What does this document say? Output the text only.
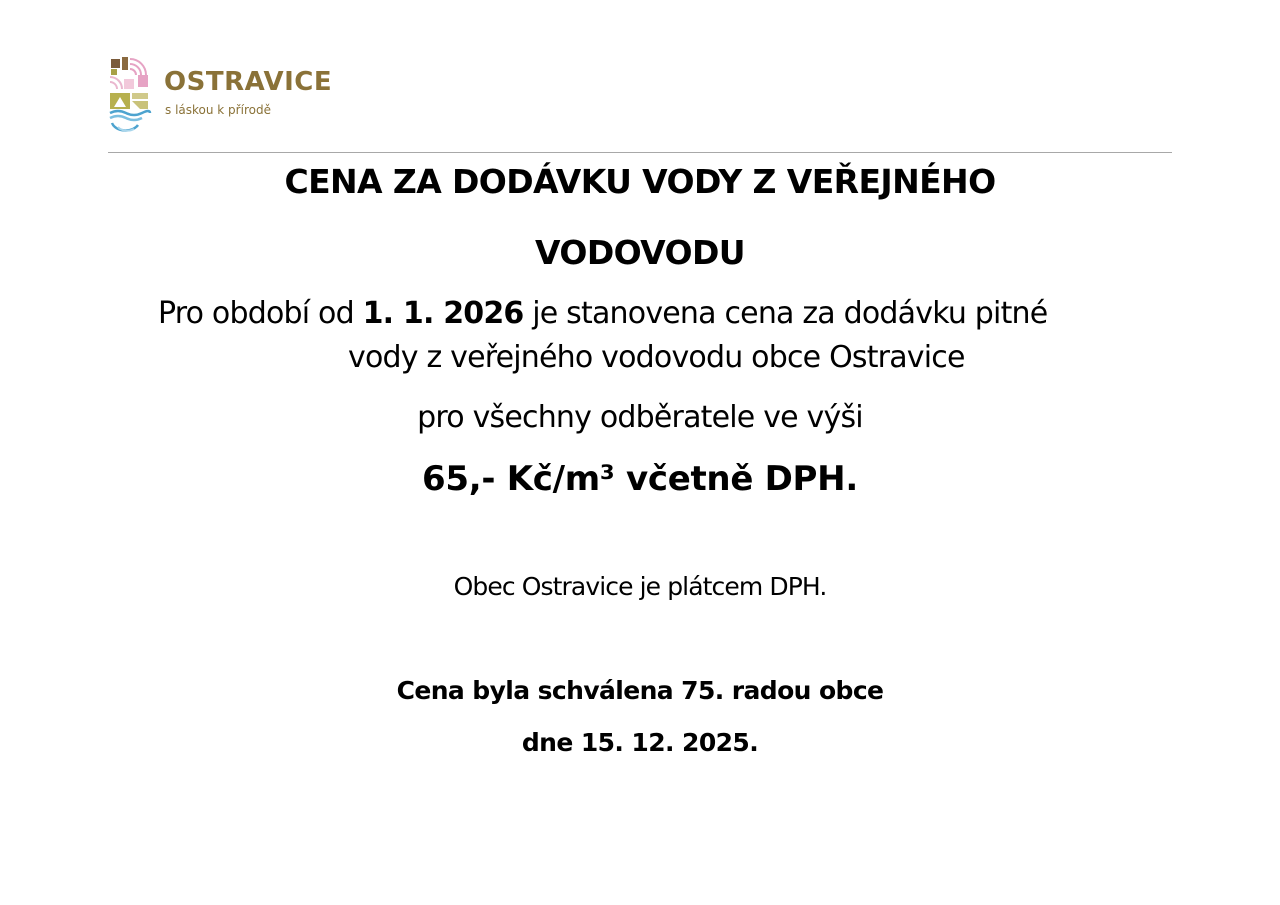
OSTRAVICE
s láskou k přírodě
CENA ZA DODÁVKU VODY Z VEŘEJNÉHO
VODOVODU
Pro období od 1. 1. 2026 je stanovena cena za dodávku pitné
vody z veřejného vodovodu obce Ostravice
pro všechny odběratele ve výši
65,- Kč/m³ včetně DPH.
Obec Ostravice je plátcem DPH.
Cena byla schválena 75. radou obce
dne 15. 12. 2025.
